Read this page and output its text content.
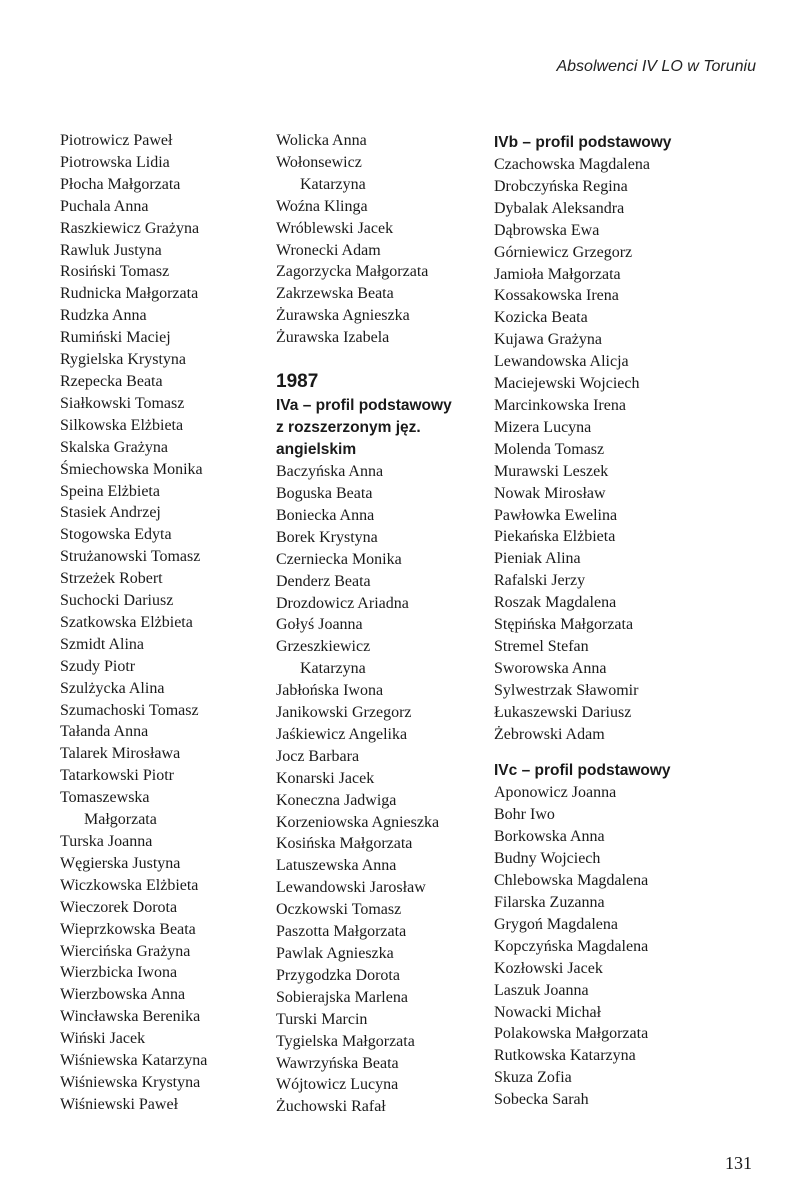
Absolwenci IV LO w Toruniu
Piotrowicz Paweł
Piotrowska Lidia
Płocha Małgorzata
Puchala Anna
Raszkiewicz Grażyna
Rawluk Justyna
Rosiński Tomasz
Rudnicka Małgorzata
Rudzka Anna
Rumiński Maciej
Rygielska Krystyna
Rzepecka Beata
Siałkowski Tomasz
Silkowska Elżbieta
Skalska Grażyna
Śmiechowska Monika
Speina Elżbieta
Stasiek Andrzej
Stogowska Edyta
Strużanowski Tomasz
Strzeżek Robert
Suchocki Dariusz
Szatkowska Elżbieta
Szmidt Alina
Szudy Piotr
Szulżycka Alina
Szumachoski Tomasz
Tałanda Anna
Talarek Mirosława
Tatarkowski Piotr
Tomaszewska
Małgorzata
Turska Joanna
Węgierska Justyna
Wiczkowska Elżbieta
Wieczorek Dorota
Wieprzkowska Beata
Wiercińska Grażyna
Wierzbicka Iwona
Wierzbowska Anna
Wincławska Berenika
Wiński Jacek
Wiśniewska Katarzyna
Wiśniewska Krystyna
Wiśniewski Paweł
Wolicka Anna
Wołonsewicz
Katarzyna
Woźna Klinga
Wróblewski Jacek
Wronecki Adam
Zagorzycka Małgorzata
Zakrzewska Beata
Żurawska Agnieszka
Żurawska Izabela
1987
IVa – profil podstawowy
z rozszerzonym jęz.
angielskim
Baczyńska Anna
Boguska Beata
Boniecka Anna
Borek Krystyna
Czerniecka Monika
Denderz Beata
Drozdowicz Ariadna
Gołyś Joanna
Grzeszkiewicz
Katarzyna
Jabłońska Iwona
Janikowski Grzegorz
Jaśkiewicz Angelika
Jocz Barbara
Konarski Jacek
Koneczna Jadwiga
Korzeniowska Agnieszka
Kosińska Małgorzata
Latuszewska Anna
Lewandowski Jarosław
Oczkowski Tomasz
Paszotta Małgorzata
Pawlak Agnieszka
Przygodzka Dorota
Sobierajska Marlena
Turski Marcin
Tygielska Małgorzata
Wawrzyńska Beata
Wójtowicz Lucyna
Żuchowski Rafał
IVb – profil podstawowy
Czachowska Magdalena
Drobczyńska Regina
Dybalak Aleksandra
Dąbrowska Ewa
Górniewicz Grzegorz
Jamioła Małgorzata
Kossakowska Irena
Kozicka Beata
Kujawa Grażyna
Lewandowska Alicja
Maciejewski Wojciech
Marcinkowska Irena
Mizera Lucyna
Molenda Tomasz
Murawski Leszek
Nowak Mirosław
Pawłowka Ewelina
Piekańska Elżbieta
Pieniak Alina
Rafalski Jerzy
Roszak Magdalena
Stępińska Małgorzata
Stremel Stefan
Sworowska Anna
Sylwestrzak Sławomir
Łukaszewski Dariusz
Żebrowski Adam
IVc – profil podstawowy
Aponowicz Joanna
Bohr Iwo
Borkowska Anna
Budny Wojciech
Chlebowska Magdalena
Filarska Zuzanna
Grygoń Magdalena
Kopczyńska Magdalena
Kozłowski Jacek
Laszuk Joanna
Nowacki Michał
Polakowska Małgorzata
Rutkowska Katarzyna
Skuza Zofia
Sobecka Sarah
131
